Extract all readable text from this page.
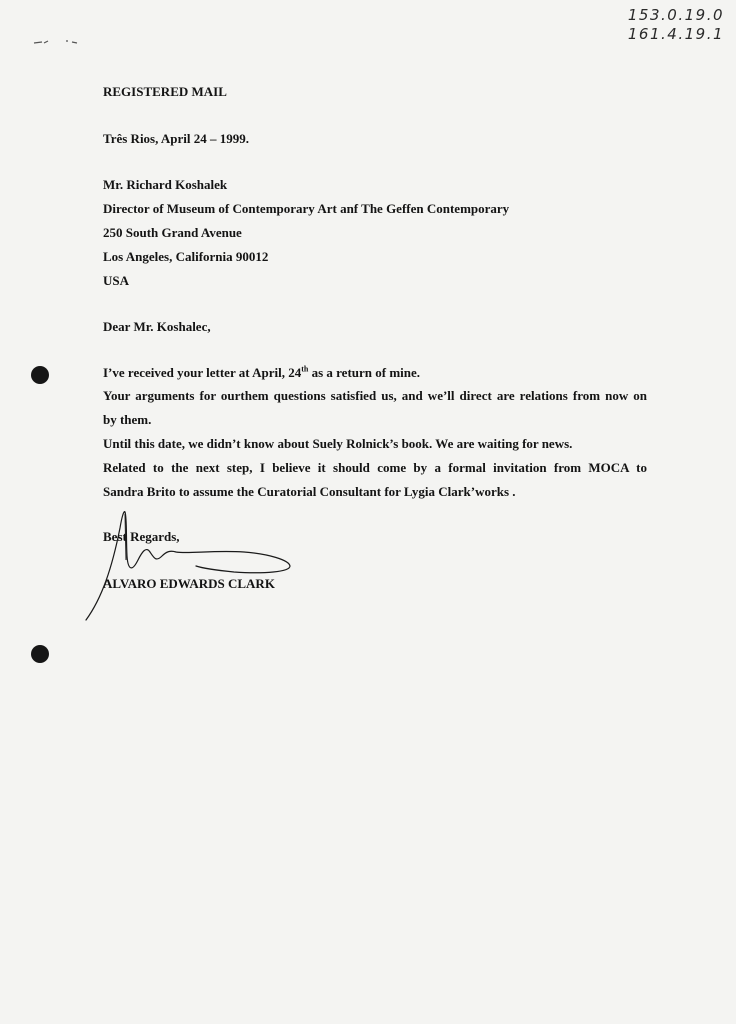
153.0.19.0
161.4.19.1
REGISTERED MAIL
Três Rios, April 24 – 1999.
Mr. Richard Koshalek
Director of Museum of Contemporary Art anf The Geffen Contemporary
250 South Grand Avenue
Los Angeles, California 90012
USA
Dear Mr. Koshalec,
I’ve received your letter at April, 24th as a return of mine.
Your arguments for ourthem questions satisfied us, and we’ll direct are relations from now on
by them.
Until this date, we didn’t know about Suely Rolnick’s book. We are waiting for news.
Related to the next step, I believe it should come by a formal invitation from MOCA to
Sandra Brito to assume the Curatorial Consultant for Lygia Clark’works .
Best Regards,
ALVARO EDWARDS CLARK
